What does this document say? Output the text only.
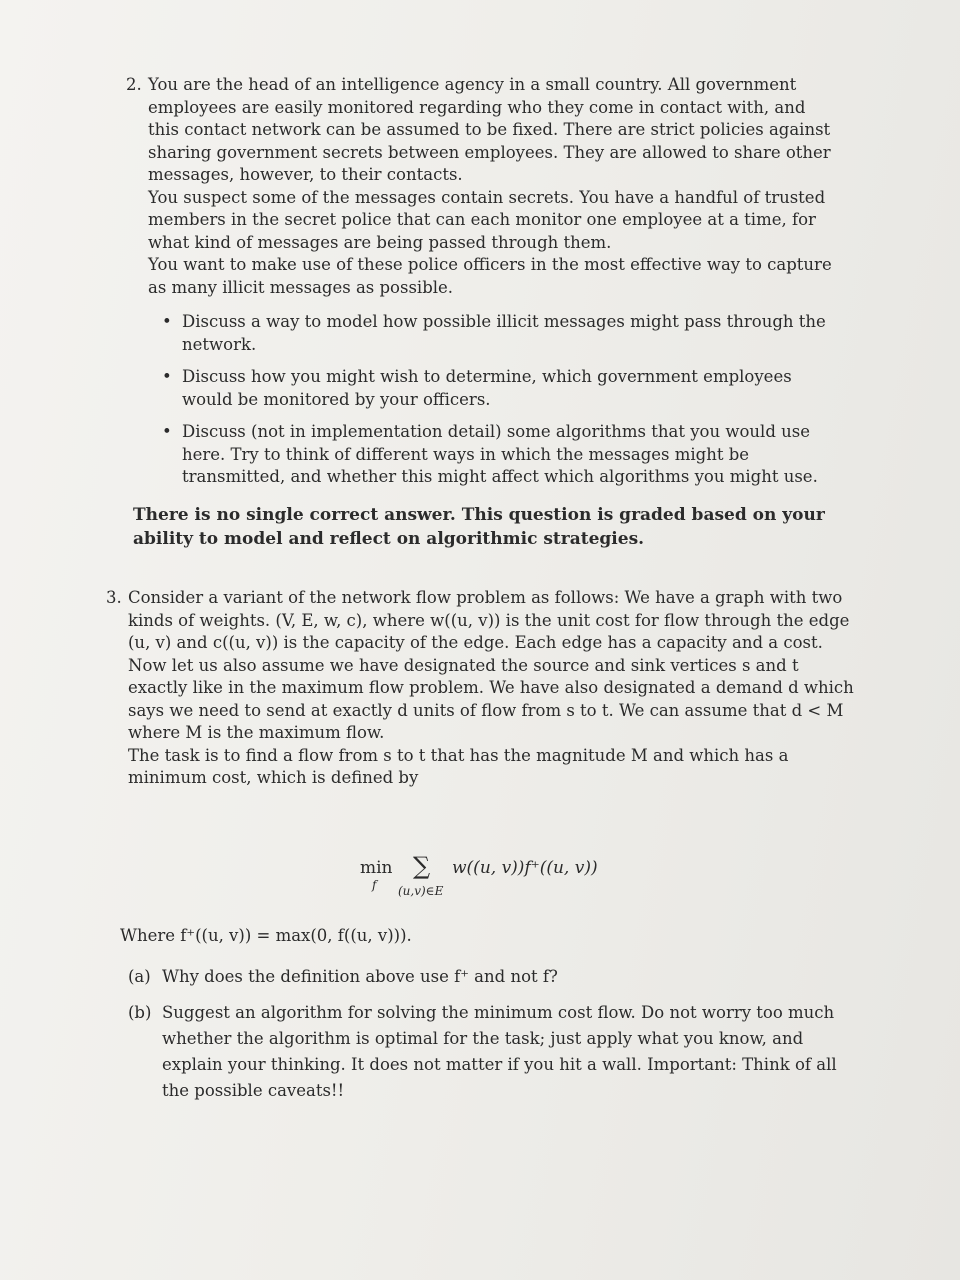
2. You are the head of an intelligence agency in a small country. All government employees are easily monitored regarding who they come in contact with, and this contact network can be assumed to be fixed. There are strict policies against sharing government secrets between employees. They are allowed to share other messages, however, to their contacts.

You suspect some of the messages contain secrets. You have a handful of trusted members in the secret police that can each monitor one employee at a time, for what kind of messages are being passed through them.

You want to make use of these police officers in the most effective way to capture as many illicit messages as possible.

• Discuss a way to model how possible illicit messages might pass through the network.
• Discuss how you might wish to determine, which government employees would be monitored by your officers.
• Discuss (not in implementation detail) some algorithms that you would use here. Try to think of different ways in which the messages might be transmitted, and whether this might affect which algorithms you might use.
There is no single correct answer. This question is graded based on your ability to model and reflect on algorithmic strategies.
3. Consider a variant of the network flow problem as follows: We have a graph with two kinds of weights. (V, E, w, c), where w((u, v)) is the unit cost for flow through the edge (u, v) and c((u, v)) is the capacity of the edge. Each edge has a capacity and a cost.

Now let us also assume we have designated the source and sink vertices s and t exactly like in the maximum flow problem. We have also designated a demand d which says we need to send at exactly d units of flow from s to t. We can assume that d < M where M is the maximum flow.

The task is to find a flow from s to t that has the magnitude M and which has a minimum cost, which is defined by

min
f
∑
(u,v)∈E
w((u, v))f⁺((u, v))
Where f⁺((u, v)) = max(0, f((u, v))).
(a) Why does the definition above use f⁺ and not f?
(b) Suggest an algorithm for solving the minimum cost flow. Do not worry too much whether the algorithm is optimal for the task; just apply what you know, and explain your thinking. It does not matter if you hit a wall. Important: Think of all the possible caveats!!
